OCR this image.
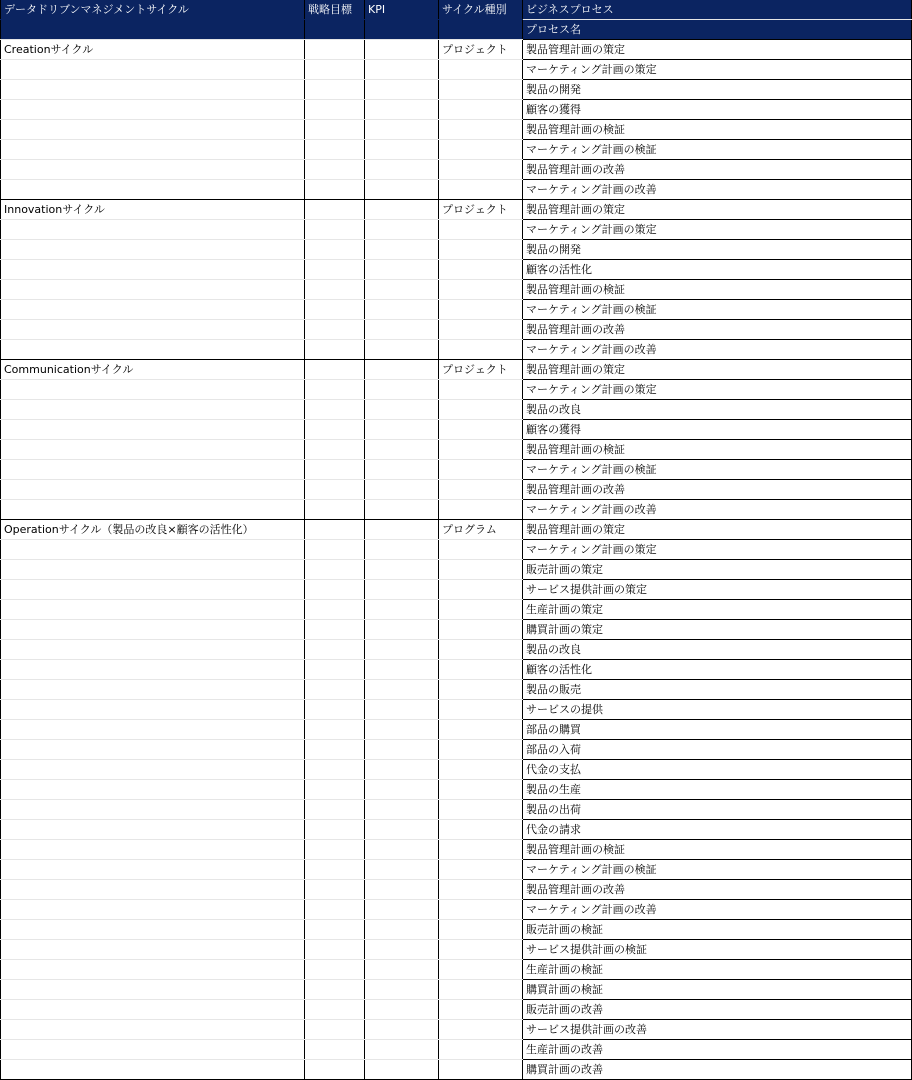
データドリブンマネジメントサイクル	戦略目標	KPI	サイクル種別	ビジネスプロセス
				プロセス名
Creationサイクル			プロジェクト	製品管理計画の策定
				マーケティング計画の策定
				製品の開発
				顧客の獲得
				製品管理計画の検証
				マーケティング計画の検証
				製品管理計画の改善
				マーケティング計画の改善
Innovationサイクル			プロジェクト	製品管理計画の策定
				マーケティング計画の策定
				製品の開発
				顧客の活性化
				製品管理計画の検証
				マーケティング計画の検証
				製品管理計画の改善
				マーケティング計画の改善
Communicationサイクル			プロジェクト	製品管理計画の策定
				マーケティング計画の策定
				製品の改良
				顧客の獲得
				製品管理計画の検証
				マーケティング計画の検証
				製品管理計画の改善
				マーケティング計画の改善
Operationサイクル（製品の改良×顧客の活性化）			プログラム	製品管理計画の策定
				マーケティング計画の策定
				販売計画の策定
				サービス提供計画の策定
				生産計画の策定
				購買計画の策定
				製品の改良
				顧客の活性化
				製品の販売
				サービスの提供
				部品の購買
				部品の入荷
				代金の支払
				製品の生産
				製品の出荷
				代金の請求
				製品管理計画の検証
				マーケティング計画の検証
				製品管理計画の改善
				マーケティング計画の改善
				販売計画の検証
				サービス提供計画の検証
				生産計画の検証
				購買計画の検証
				販売計画の改善
				サービス提供計画の改善
				生産計画の改善
				購買計画の改善
